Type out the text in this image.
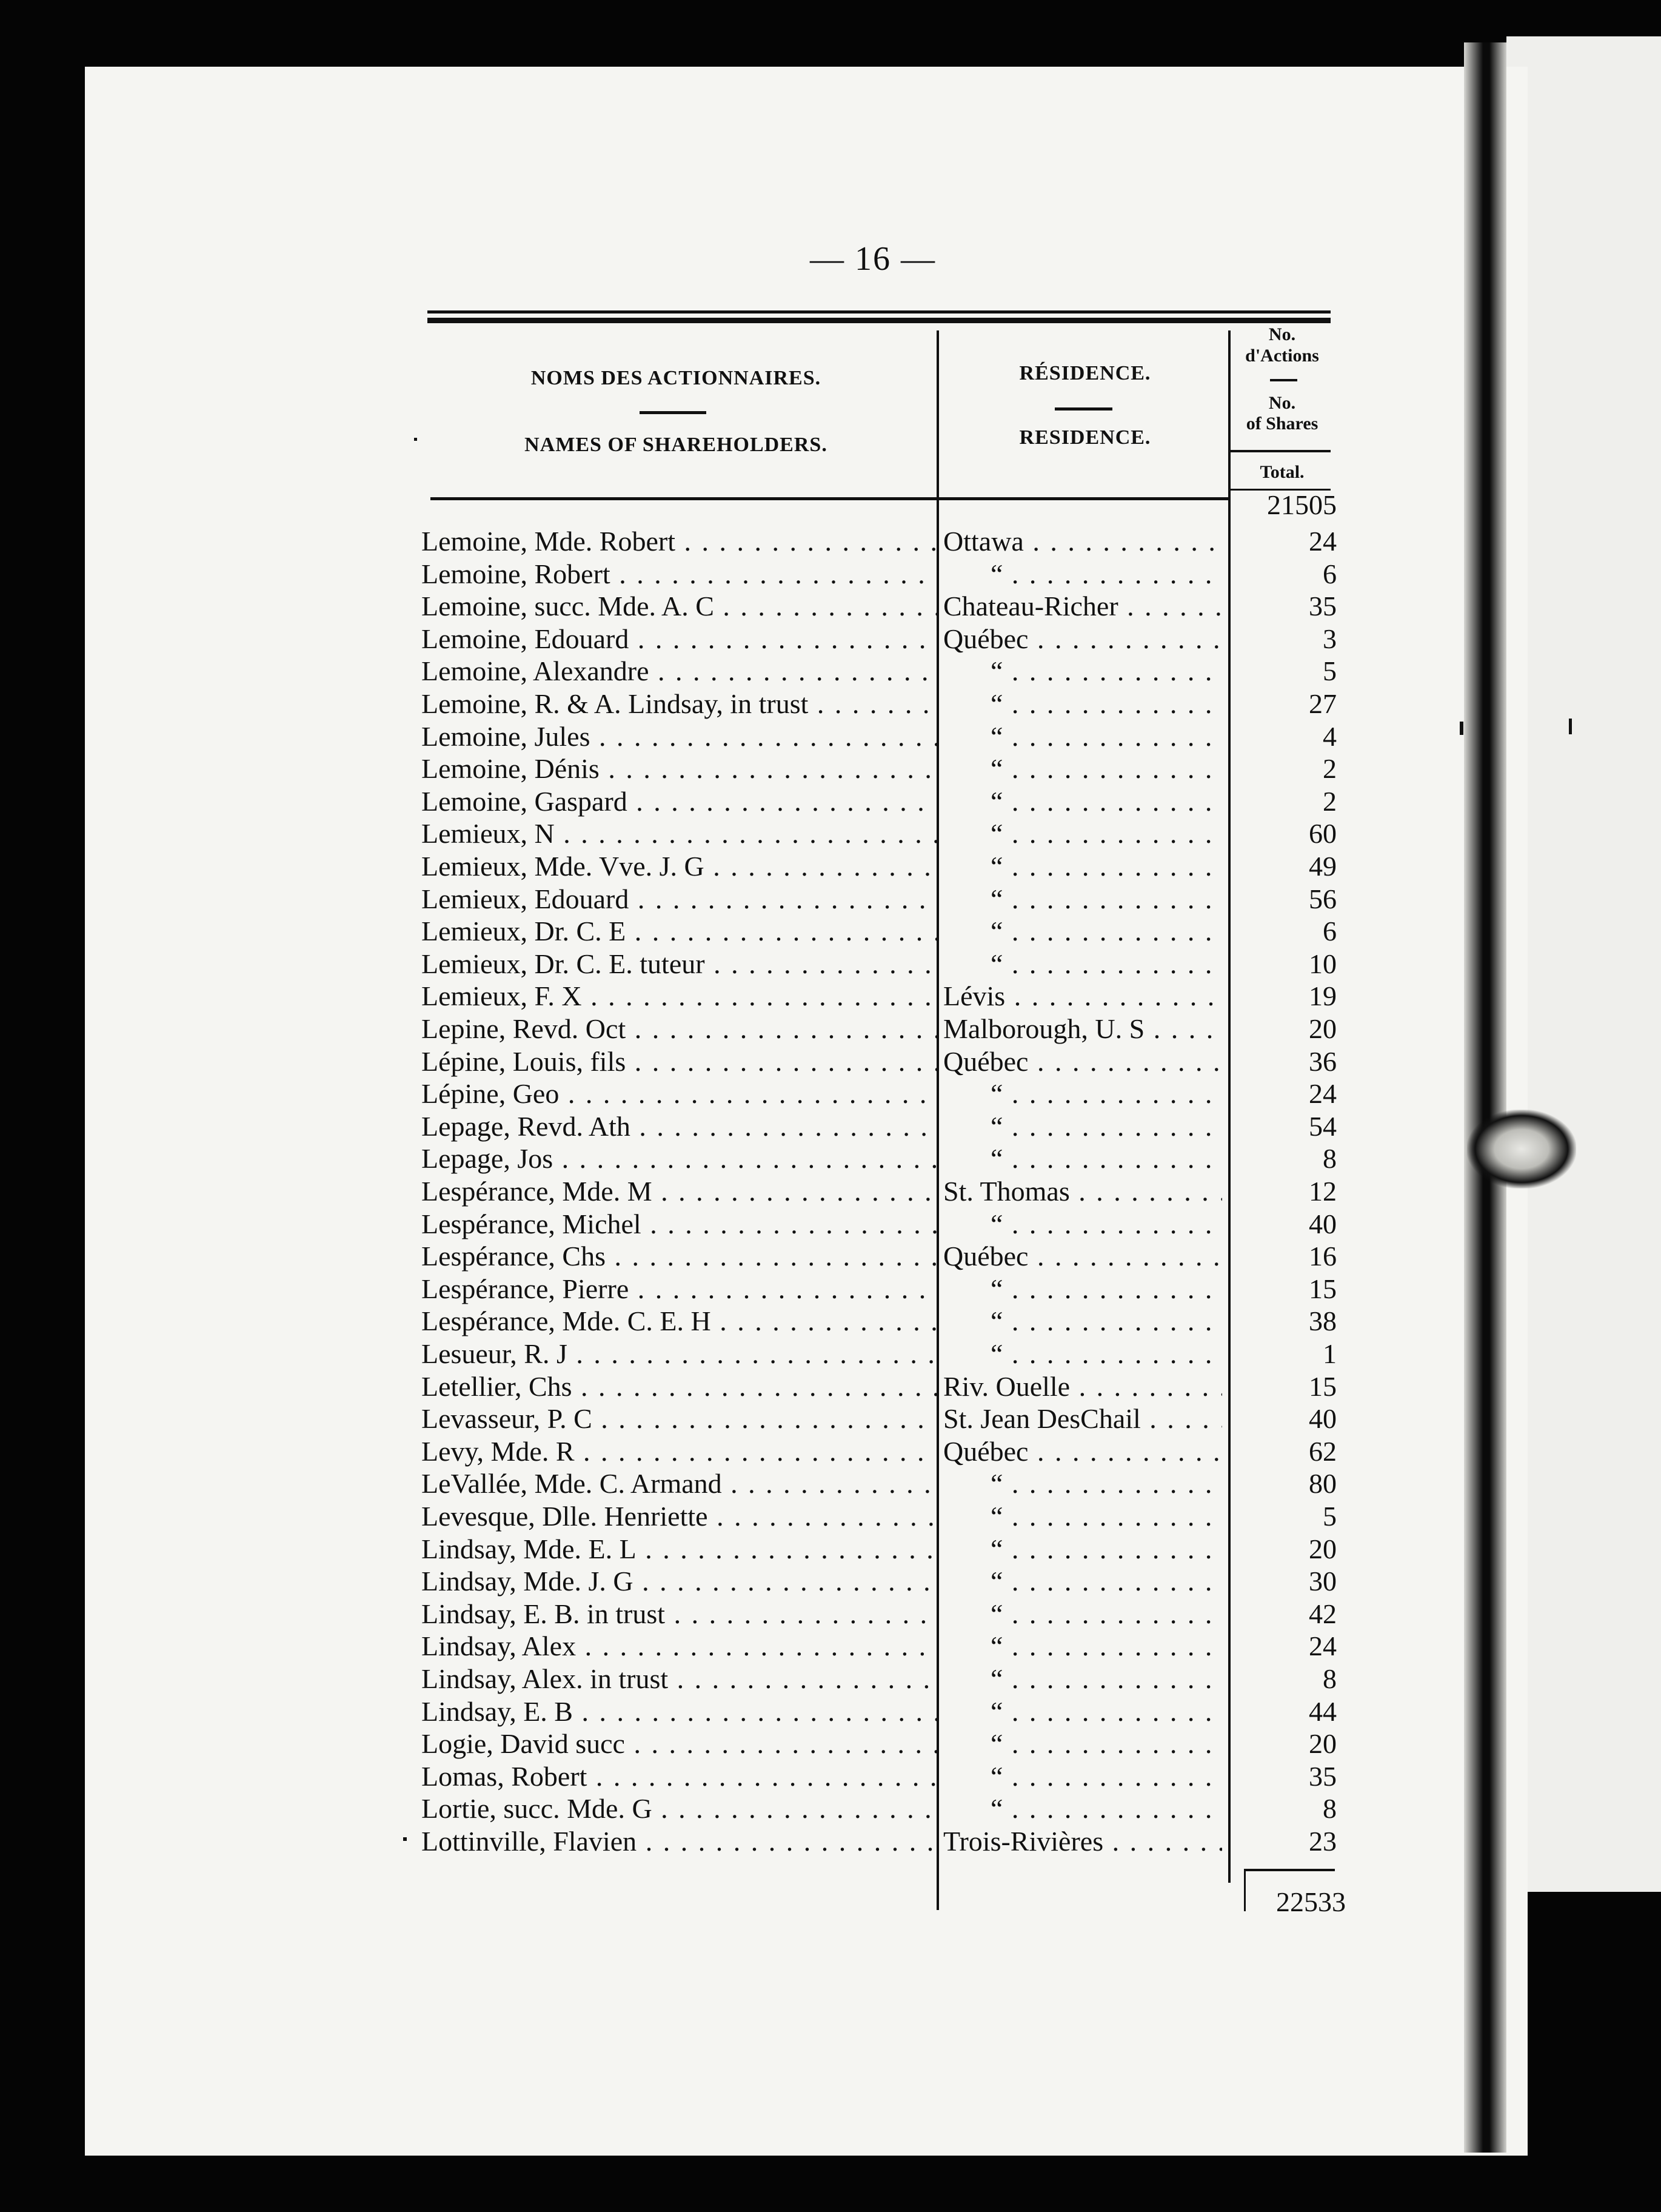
— 16 —
NOMS DES ACTIONNAIRES.
NAMES OF SHAREHOLDERS.
RÉSIDENCE.
RESIDENCE.
No.
d'Actions
No.
of Shares
Total.
21505
Lemoine, Mde. Robert . . .	Ottawa . . .	24
Lemoine, Robert . . .	“ . . .	6
Lemoine, succ. Mde. A. C . . .	Chateau-Richer . . .	35
Lemoine, Edouard . . .	Québec . . .	3
Lemoine, Alexandre . . .	“ . . .	5
Lemoine, R. & A. Lindsay, in trust . . .	“ . . .	27
Lemoine, Jules . . .	“ . . .	4
Lemoine, Dénis . . .	“ . . .	2
Lemoine, Gaspard . . .	“ . . .	2
Lemieux, N . . .	“ . . .	60
Lemieux, Mde. Vve. J. G . . .	“ . . .	49
Lemieux, Edouard . . .	“ . . .	56
Lemieux, Dr. C. E . . .	“ . . .	6
Lemieux, Dr. C. E. tuteur . . .	“ . . .	10
Lemieux, F. X . . .	Lévis . . .	19
Lepine, Revd. Oct . . .	Malborough, U. S . . .	20
Lépine, Louis, fils . . .	Québec . . .	36
Lépine, Geo . . .	“ . . .	24
Lepage, Revd. Ath . . .	“ . . .	54
Lepage, Jos . . .	“ . . .	8
Lespérance, Mde. M . . .	St. Thomas . . .	12
Lespérance, Michel . . .	“ . . .	40
Lespérance, Chs . . .	Québec . . .	16
Lespérance, Pierre . . .	“ . . .	15
Lespérance, Mde. C. E. H . . .	“ . . .	38
Lesueur, R. J . . .	“ . . .	1
Letellier, Chs . . .	Riv. Ouelle . . .	15
Levasseur, P. C . . .	St. Jean DesChail . . .	40
Levy, Mde. R . . .	Québec . . .	62
LeVallée, Mde. C. Armand . . .	“ . . .	80
Levesque, Dlle. Henriette . . .	“ . . .	5
Lindsay, Mde. E. L . . .	“ . . .	20
Lindsay, Mde. J. G . . .	“ . . .	30
Lindsay, E. B. in trust . . .	“ . . .	42
Lindsay, Alex . . .	“ . . .	24
Lindsay, Alex. in trust . . .	“ . . .	8
Lindsay, E. B . . .	“ . . .	44
Logie, David succ . . .	“ . . .	20
Lomas, Robert . . .	“ . . .	35
Lortie, succ. Mde. G . . .	“ . . .	8
Lottinville, Flavien . . .	Trois-Rivières . . .	23
22533
